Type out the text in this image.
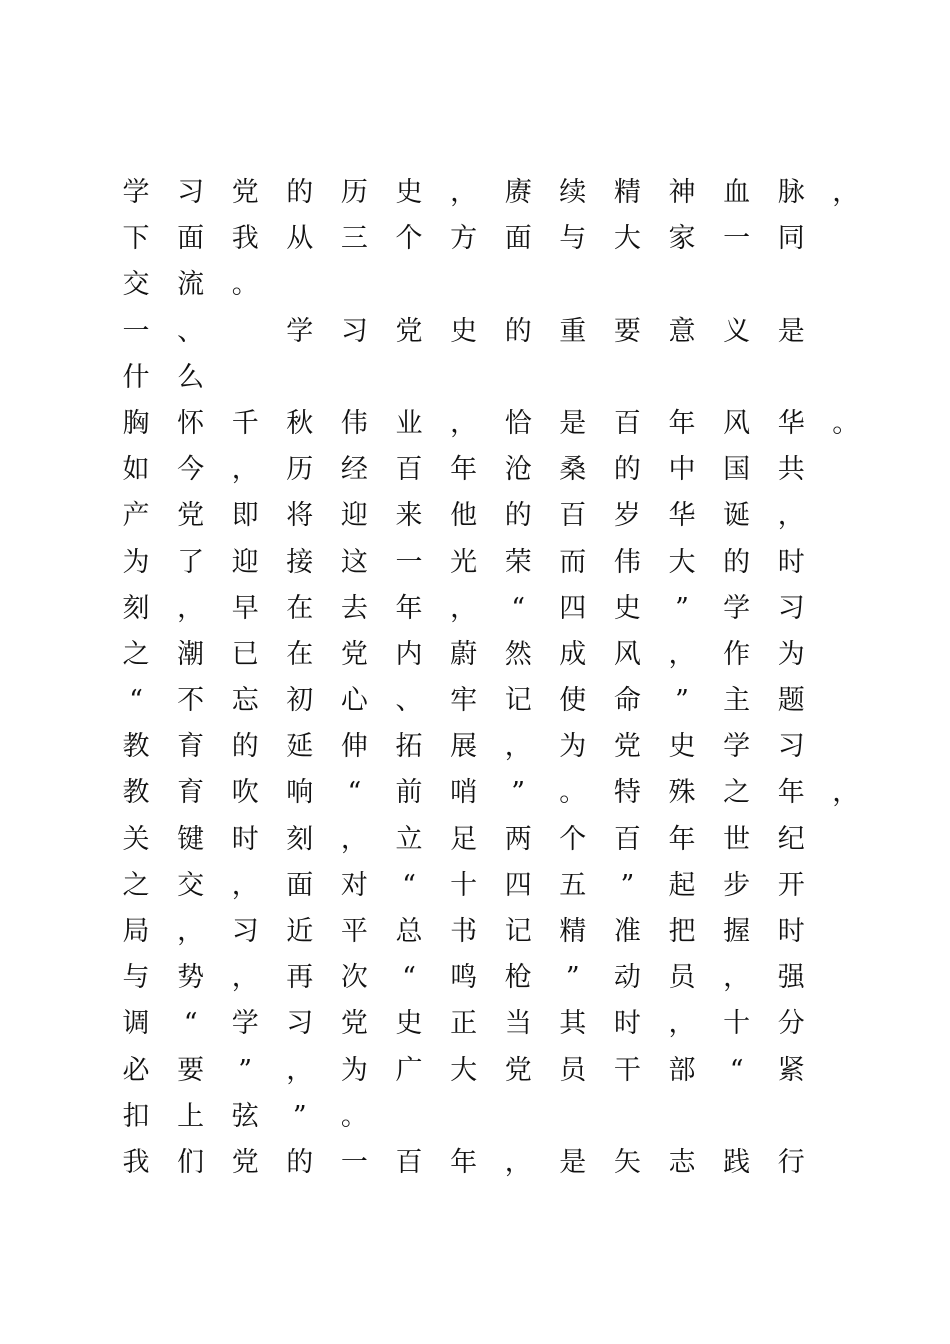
学 习 党 的 历 史 ， 赓 续 精 神 血 脉 ，
下 面 我 从 三 个 方 面 与 大 家 一 同
交 流 。
一 、
　	学 习 党 史 的 重 要 意 义 是
什 么
胸 怀 千 秋 伟 业 ， 恰 是 百 年 风 华 。
如 今 ， 历 经 百 年 沧 桑 的 中 国 共
产 党 即 将 迎 来 他 的 百 岁 华 诞 ，
为 了 迎 接 这 一 光 荣 而 伟 大 的 时
刻 ， 早 在 去 年 ， “ 四 史 ” 学 习
之 潮 已 在 党 内 蔚 然 成 风 ， 作 为
“ 不 忘 初 心 、 牢 记 使 命 ” 主 题
教 育 的 延 伸 拓 展 ， 为 党 史 学 习
教 育 吹 响 “ 前 哨 ” 。 特 殊 之 年 ，
关 键 时 刻 ， 立 足 两 个 百 年 世 纪
之 交 ， 面 对 “ 十 四 五 ” 起 步 开
局 ， 习 近 平 总 书 记 精 准 把 握 时
与 势 ， 再 次 “ 鸣 枪 ” 动 员 ， 强
调 “ 学 习 党 史 正 当 其 时 ， 十 分
必 要 ” ， 为 广 大 党 员 干 部 “ 紧
扣 上 弦 ” 。
我 们 党 的 一 百 年 ， 是 矢 志 践 行
